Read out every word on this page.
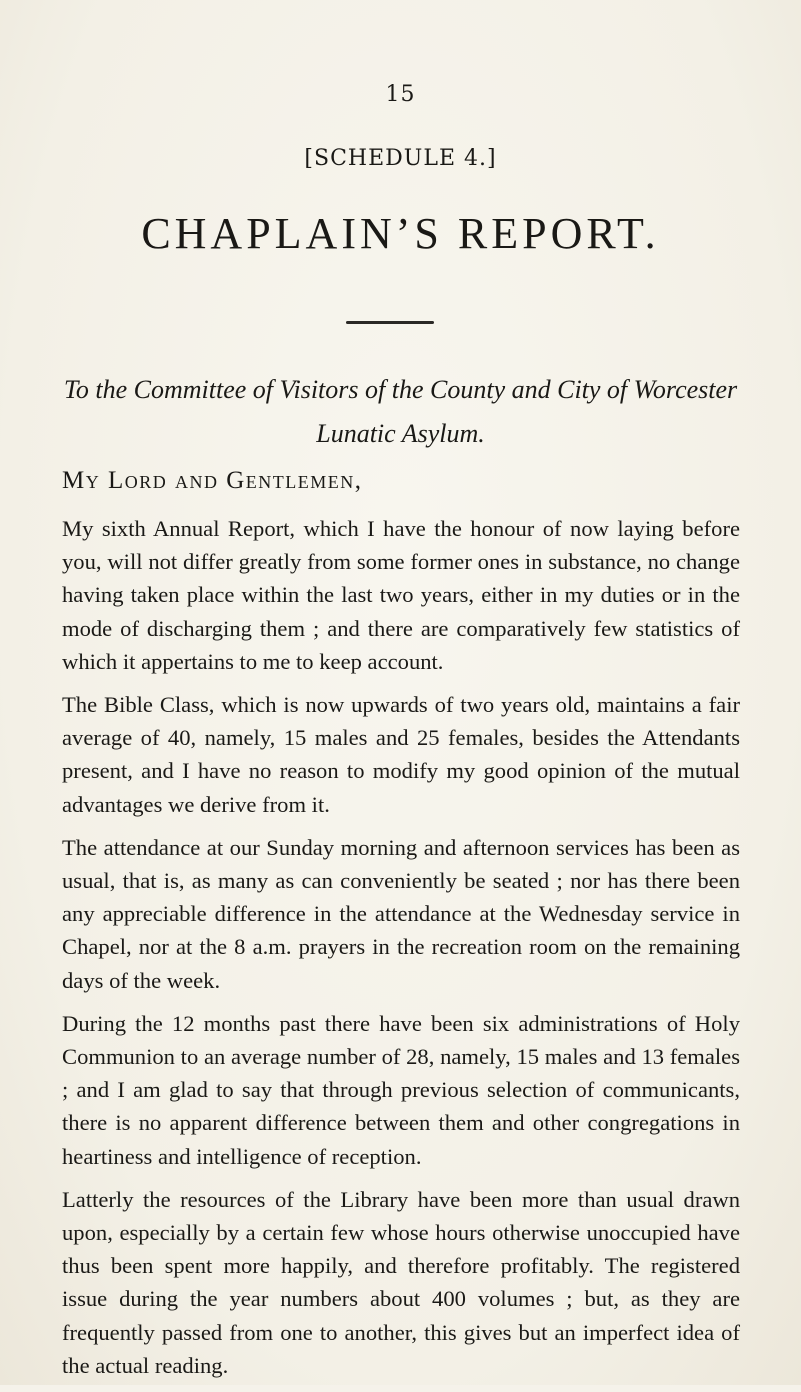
15
[SCHEDULE 4.]
CHAPLAIN’S REPORT.
To the Committee of Visitors of the County and City of Worcester Lunatic Asylum.
My Lord and Gentlemen,

My sixth Annual Report, which I have the honour of now laying before you, will not differ greatly from some former ones in substance, no change having taken place within the last two years, either in my duties or in the mode of discharging them ; and there are comparatively few statistics of which it appertains to me to keep account.

The Bible Class, which is now upwards of two years old, maintains a fair average of 40, namely, 15 males and 25 females, besides the Attendants present, and I have no reason to modify my good opinion of the mutual advantages we derive from it.

The attendance at our Sunday morning and afternoon services has been as usual, that is, as many as can conveniently be seated ; nor has there been any appreciable difference in the attendance at the Wednesday service in Chapel, nor at the 8 a.m. prayers in the recreation room on the remaining days of the week.

During the 12 months past there have been six administrations of Holy Communion to an average number of 28, namely, 15 males and 13 females ; and I am glad to say that through previous selection of communicants, there is no apparent difference between them and other congregations in heartiness and intelligence of reception.

Latterly the resources of the Library have been more than usual drawn upon, especially by a certain few whose hours otherwise unoccupied have thus been spent more happily, and therefore profitably. The registered issue during the year numbers about 400 volumes ; but, as they are frequently passed from one to another, this gives but an imperfect idea of the actual reading.
